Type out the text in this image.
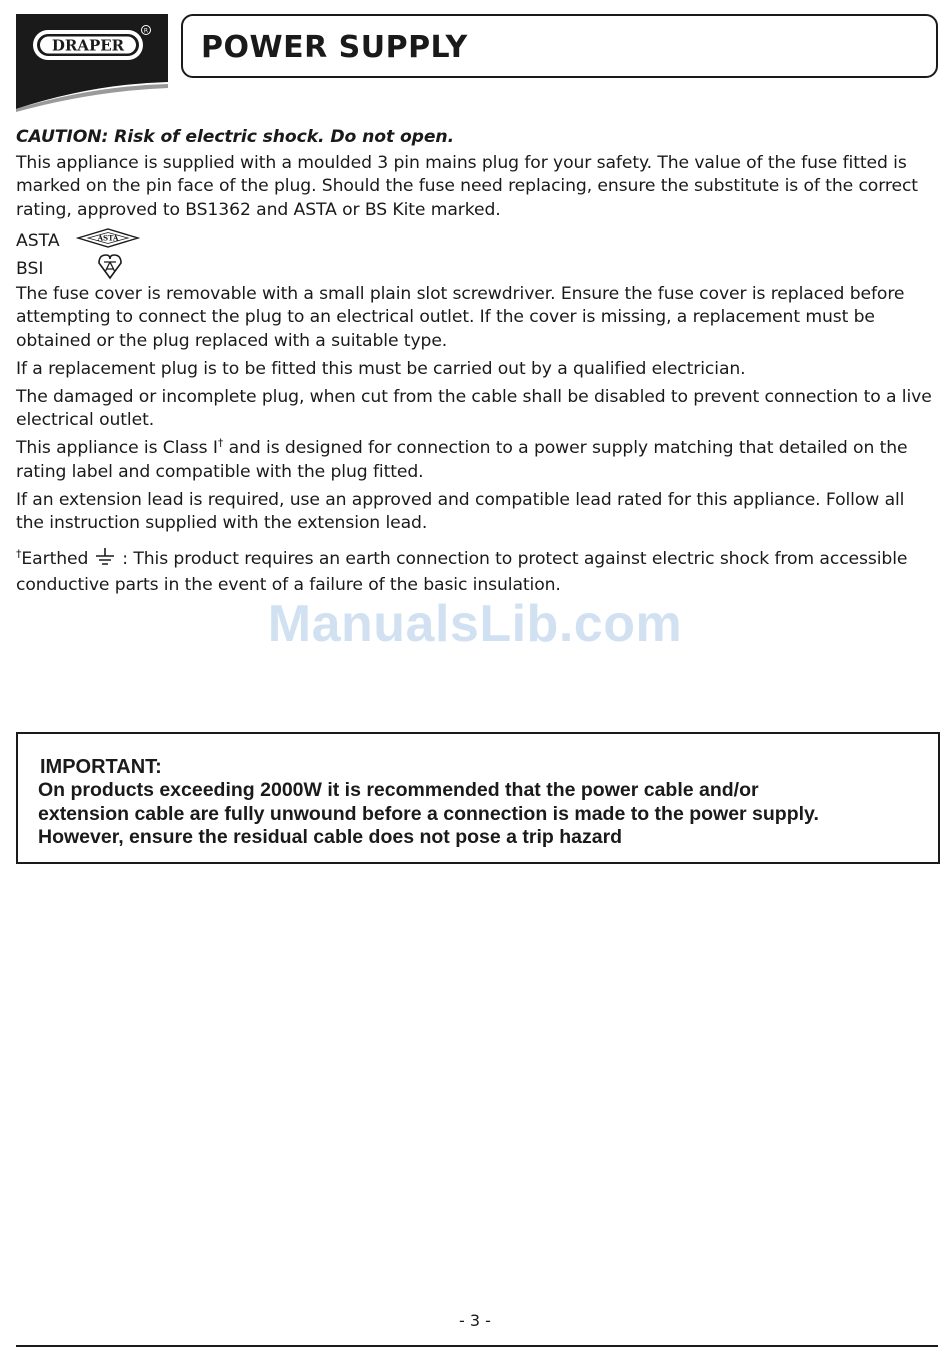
DRAPER
R POWER SUPPLY

CAUTION: Risk of electric shock. Do not open.

This appliance is supplied with a moulded 3 pin mains plug for your safety. The value of the fuse fitted is marked on the pin face of the plug. Should the fuse need replacing, ensure the substitute is of the correct rating, approved to BS1362 and ASTA or BS Kite marked.

ASTA	ASTA
BSI

The fuse cover is removable with a small plain slot screwdriver. Ensure the fuse cover is replaced before attempting to connect the plug to an electrical outlet. If the cover is missing, a replacement must be obtained or the plug replaced with a suitable type.

If a replacement plug is to be fitted this must be carried out by a qualified electrician.

The damaged or incomplete plug, when cut from the cable shall be disabled to prevent connection to a live electrical outlet.

This appliance is Class I† and is designed for connection to a power supply matching that detailed on the rating label and compatible with the plug fitted.

If an extension lead is required, use an approved and compatible lead rated for this appliance. Follow all the instruction supplied with the extension lead.

†Earthed : This product requires an earth connection to protect against electric shock from accessible conductive parts in the event of a failure of the basic insulation.

ManualsLib.com
IMPORTANT:
On products exceeding 2000W it is recommended that the power cable and/or
extension cable are fully unwound before a connection is made to the power supply.
However, ensure the residual cable does not pose a trip hazard
- 3 -
